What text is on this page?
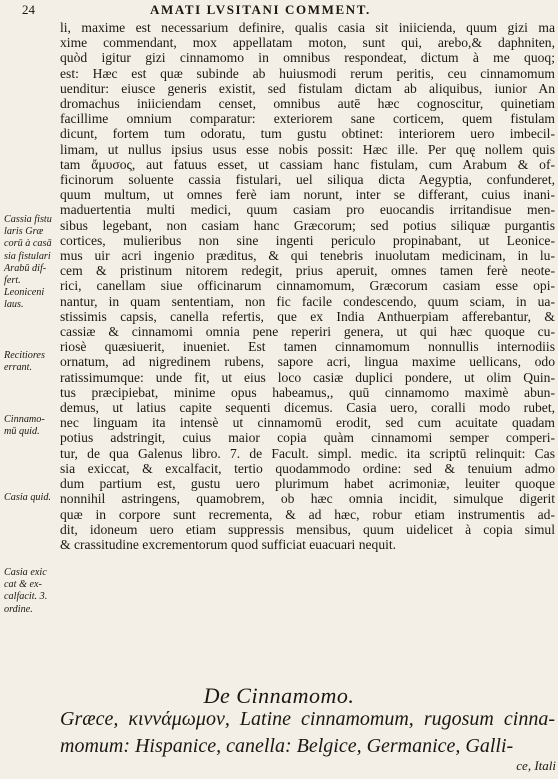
24	AMATI LVSITANI COMMENT.
li, maxime est necessarium definire, qualis casia sit iniicienda, quum gizi ma
xime commendant, mox appellatam moton, sunt qui, arebo,& daphniten,
quòd igitur gizi cinnamomo in omnibus respondeat, dictum à me quoq;
est: Hæc est quæ subinde ab huiusmodi rerum peritis, ceu cinnamomum
uenditur: eiusce generis existit, sed fistulam dictam ab aliquibus, iunior An
dromachus iniiciendam censet, omnibus autē hæc cognoscitur, quinetiam
facillime omnium comparatur: exteriorem sane corticem, quem fistulam
dicunt, fortem tum odoratu, tum gustu obtinet: interiorem uero imbecil-
limam, ut nullus ipsius usus esse nobis possit: Hæc ille. Per quę nollem quis
tam ἄμυσος, aut fatuus esset, ut cassiam hanc fistulam, cum Arabum & of-
ficinorum soluente cassia fistulari, uel siliqua dicta Aegyptia, confunderet,
quum multum, ut omnes ferè iam norunt, inter se differant, cuius inani-
maduertentia multi medici, quum casiam pro euocandis irritandisue men-
sibus legebant, non casiam hanc Græcorum; sed potius siliquæ purgantis
cortices, mulieribus non sine ingenti periculo propinabant, ut Leonice-
mus uir acri ingenio præditus, & qui tenebris inuolutam medicinam, in lu-
cem & pristinum nitorem redegit, prius aperuit, omnes tamen ferè neote-
rici, canellam siue officinarum cinnamomum, Græcorum casiam esse opi-
nantur, in quam sententiam, non fic facile condescendo, quum sciam, in ua-
stissimis capsis, canella refertis, que ex India Anthuerpiam afferebantur, &
cassiæ & cinnamomi omnia pene reperiri genera, ut qui hæc quoque cu-
riosè quæsiuerit, inueniet. Est tamen cinnamomum nonnullis internodiis
ornatum, ad nigredinem rubens, sapore acri, lingua maxime uellicans, odo
ratissimumque: unde fit, ut eius loco casiæ duplici pondere, ut olim Quin-
tus præcipiebat, minime opus habeamus,, quū cinnamomo maximè abun-
demus, ut latius capite sequenti dicemus. Casia uero, coralli modo rubet,
nec linguam ita intensè ut cinnamomū erodit, sed cum acuitate quadam
potius adstringit, cuius maior copia quàm cinnamomi semper comperi-
tur, de qua Galenus libro. 7. de Facult. simpl. medic. ita scriptū relinquit: Cas
sia exiccat, & excalfacit, tertio quodammodo ordine: sed & tenuium admo
dum partium est, gustu uero plurimum habet acrimoniæ, leuiter quoque
nonnihil astringens, quamobrem, ob hæc omnia incidit, simulque digerit
quæ in corpore sunt recrementa, & ad hæc, robur etiam instrumentis ad-
dit, idoneum uero etiam suppressis mensibus, quum uidelicet à copia simul
& crassitudine excrementorum quod sufficiat euacuari nequit.
Cassia fistu
laris Græ
corū à casā
sia fistulari
Arabū dif-
fert.
Leoniceni
laus.
Recitiores
errant.
Cinnamo-
mū quid.
Casia quid.
Casia exic
cat & ex-
calfacit. 3.
ordine.
De Cinnamomo.
Græce, κιννάμωμον, Latine cinnamomum, rugosum cinna-
momum: Hispanice, canella: Belgice, Germanice, Galli-
ce, Itali
